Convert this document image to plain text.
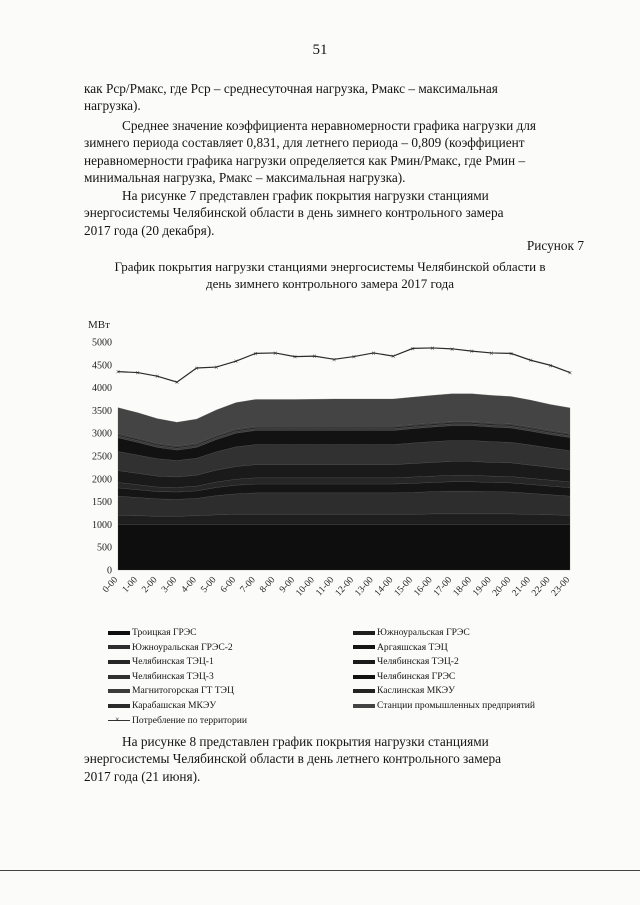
51
как Рср/Рмакс, где Рср – среднесуточная нагрузка, Рмакс – максимальная
нагрузка).
Среднее значение коэффициента неравномерности графика нагрузки для
зимнего периода составляет 0,831, для летнего периода – 0,809 (коэффициент
неравномерности графика нагрузки определяется как Рмин/Рмакс, где Рмин –
минимальная нагрузка, Рмакс – максимальная нагрузка).
На рисунке 7 представлен график покрытия нагрузки станциями
энергосистемы Челябинской области в день зимнего контрольного замера
2017 года (20 декабря).
Рисунок 7
График покрытия нагрузки станциями энергосистемы Челябинской области в
день зимнего контрольного замера 2017 года
МВт
0
500
1000
1500
2000
2500
3000
3500
4000
4500
5000
0-00 1-00 2-00 3-00 4-00 5-00 6-00 7-00 8-00 9-00
10-00
11-00
12-00
13-00
14-00
15-00
16-00
17-00
18-00
19-00
20-00
21-00
22-00
23-00
× × ×
×
× ×
×
× × × × × × × ×
× × × × × ×
×
×
×
Троицкая ГРЭС	Южноуральская ГРЭС
Южноуральская ГРЭС-2	Аргаяшская ТЭЦ
Челябинская ТЭЦ-1	Челябинская ТЭЦ-2
Челябинская ТЭЦ-3	Челябинская ГРЭС
Магнитогорская ГТ ТЭЦ	Каслинская МКЭУ
Карабашская МКЭУ	Станции промышленных предприятий
×Потребление по территории
На рисунке 8 представлен график покрытия нагрузки станциями
энергосистемы Челябинской области в день летнего контрольного замера
2017 года (21 июня).
